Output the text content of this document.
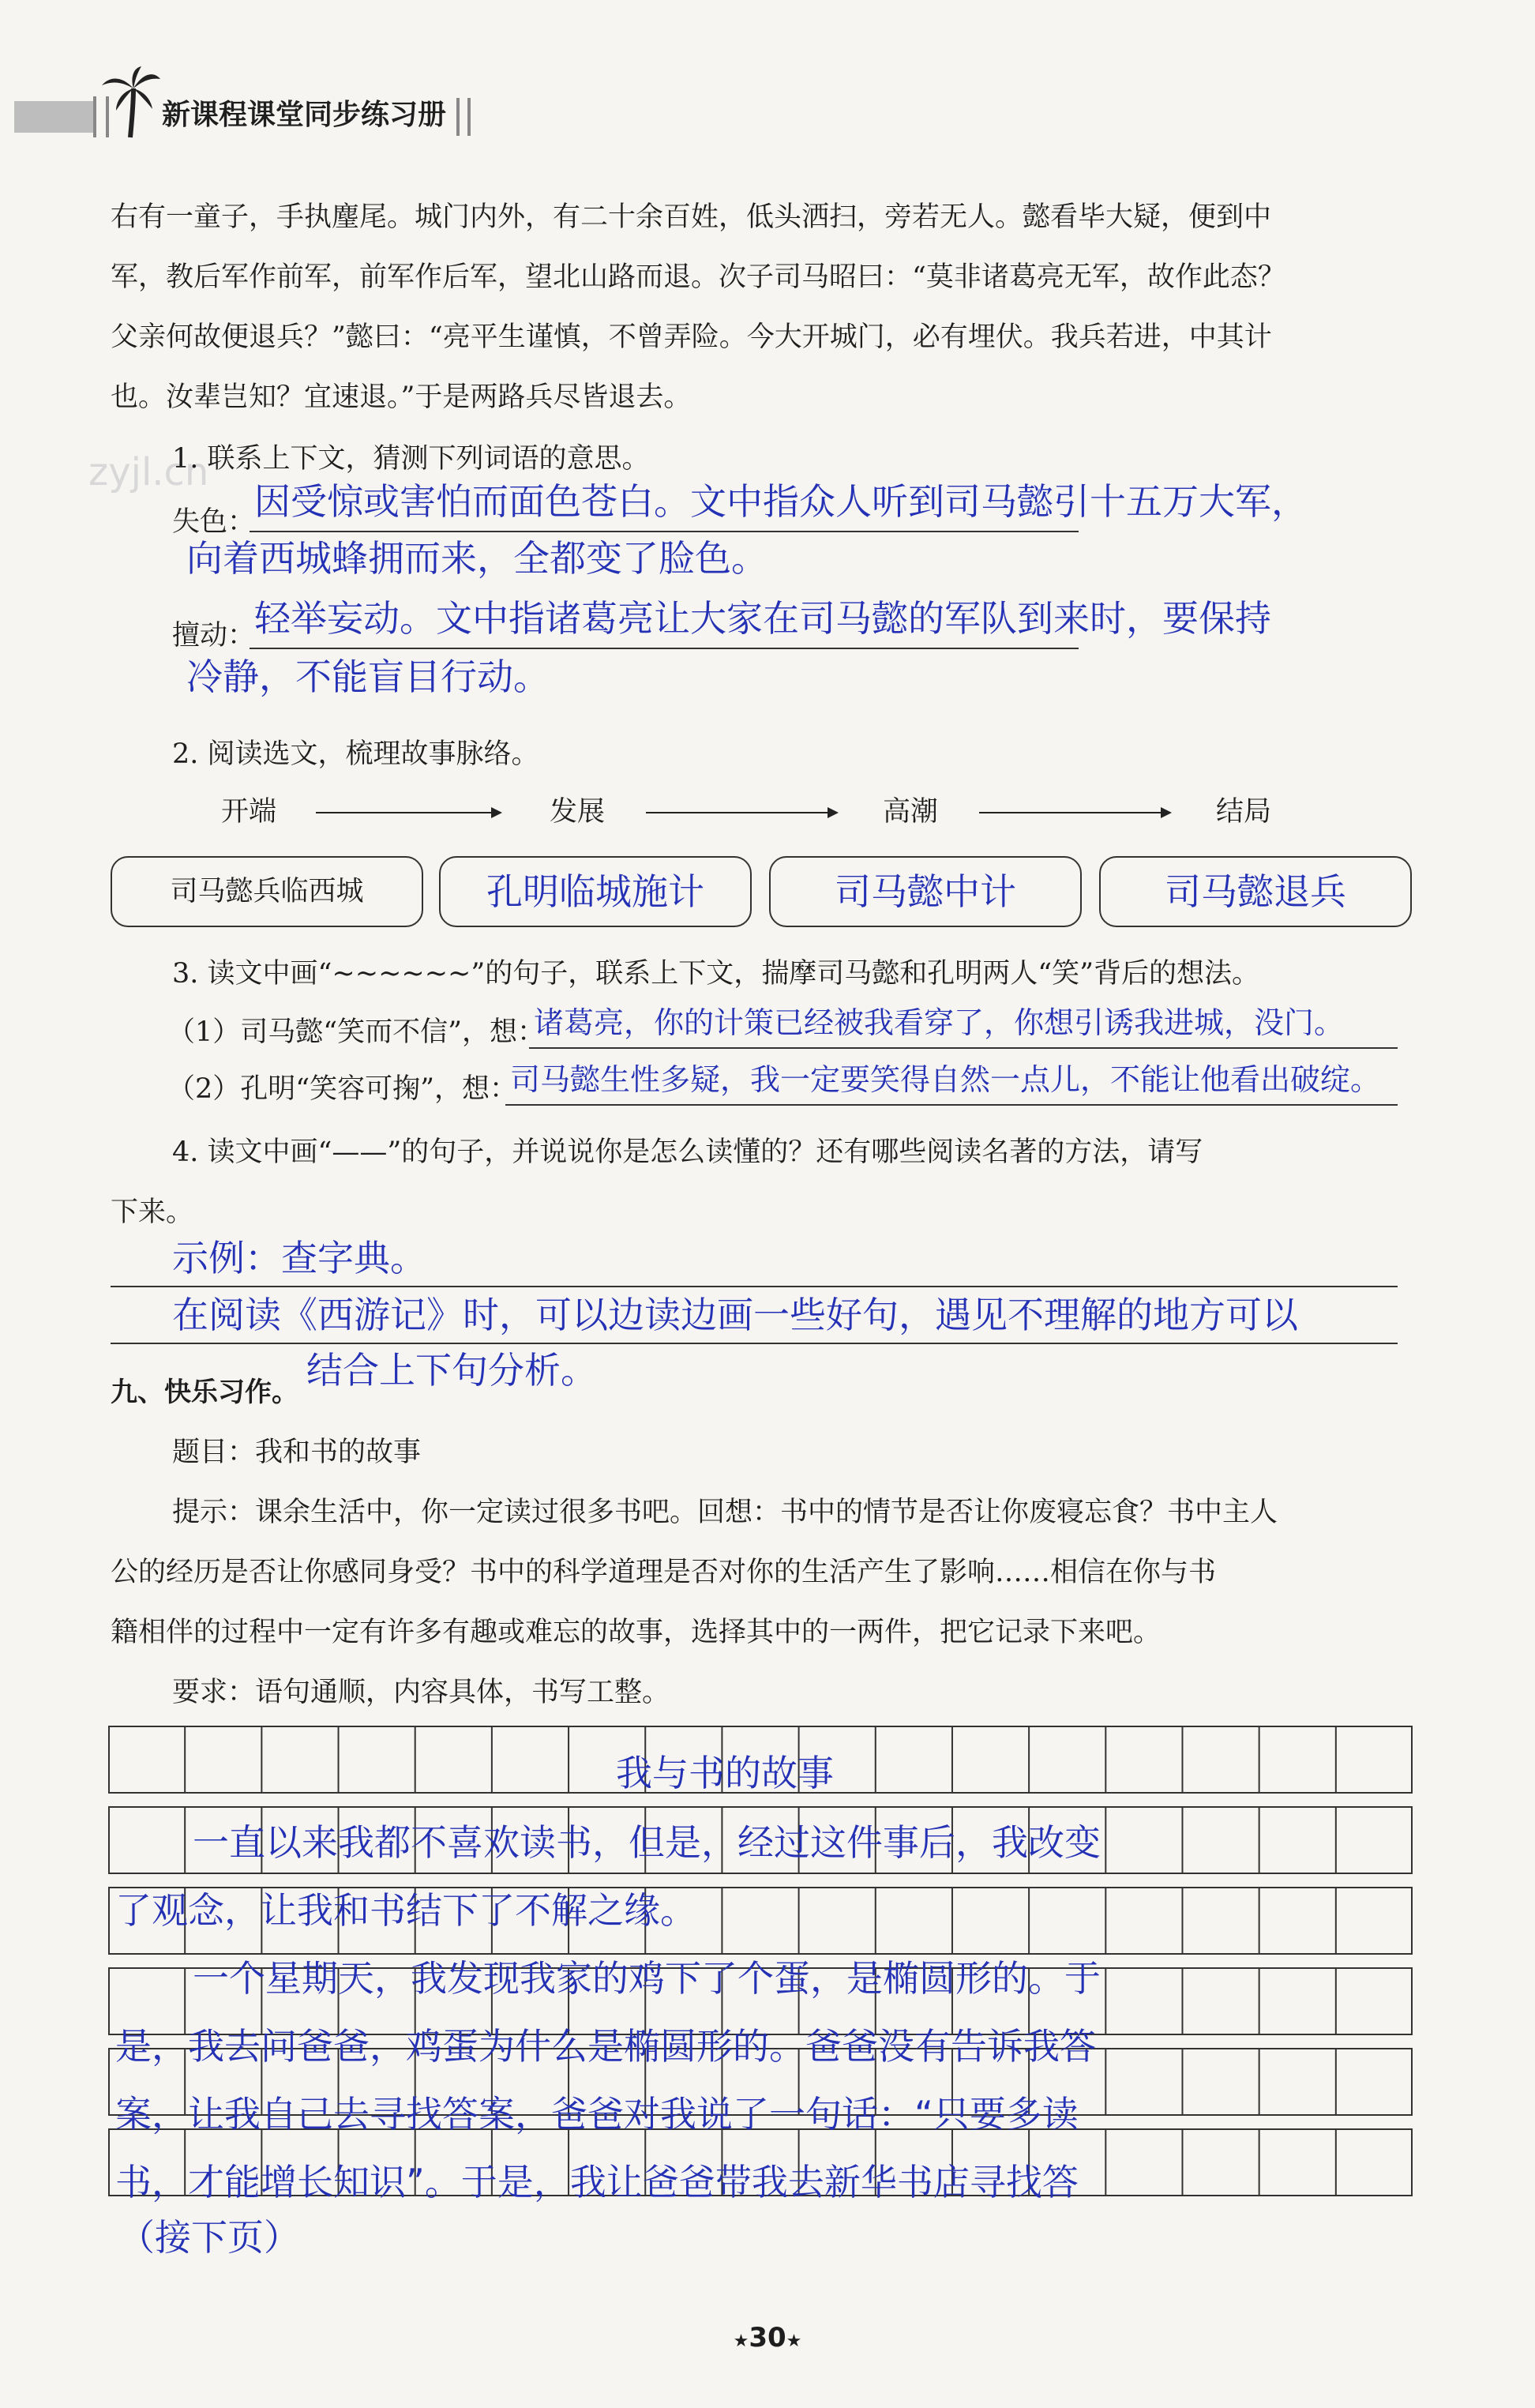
新课程课堂同步练习册
zyjl.cn
右有一童子，手执麈尾。城门内外，有二十余百姓，低头洒扫，旁若无人。懿看毕大疑，便到中
军，教后军作前军，前军作后军，望北山路而退。次子司马昭曰：“莫非诸葛亮无军，故作此态？
父亲何故便退兵？”懿曰：“亮平生谨慎，不曾弄险。今大开城门，必有埋伏。我兵若进，中其计
也。汝辈岂知？宜速退。”于是两路兵尽皆退去。
1. 联系上下文，猜测下列词语的意思。
失色：
因受惊或害怕而面色苍白。文中指众人听到司马懿引十五万大军，
向着西城蜂拥而来，全都变了脸色。
擅动：
轻举妄动。文中指诸葛亮让大家在司马懿的军队到来时，要保持
冷静，不能盲目行动。
2. 阅读选文，梳理故事脉络。
开端	发展	高潮	结局
司马懿兵临西城	孔明临城施计	司马懿中计	司马懿退兵
3. 读文中画“~~~~~~”的句子，联系上下文，揣摩司马懿和孔明两人“笑”背后的想法。
（1）司马懿“笑而不信”，想：
诸葛亮，你的计策已经被我看穿了，你想引诱我进城，没门。
（2）孔明“笑容可掬”，想：
司马懿生性多疑，我一定要笑得自然一点儿，不能让他看出破绽。
4. 读文中画“——”的句子，并说说你是怎么读懂的？还有哪些阅读名著的方法，请写
下来。
示例：查字典。
在阅读《西游记》时，可以边读边画一些好句，遇见不理解的地方可以
结合上下句分析。
九、快乐习作。
题目：我和书的故事
提示：课余生活中，你一定读过很多书吧。回想：书中的情节是否让你废寝忘食？书中主人
公的经历是否让你感同身受？书中的科学道理是否对你的生活产生了影响……相信在你与书
籍相伴的过程中一定有许多有趣或难忘的故事，选择其中的一两件，把它记录下来吧。
要求：语句通顺，内容具体，书写工整。
我与书的故事
一直以来我都不喜欢读书，但是，经过这件事后，我改变
了观念，让我和书结下了不解之缘。
一个星期天，我发现我家的鸡下了个蛋，是椭圆形的。于
是，我去问爸爸，鸡蛋为什么是椭圆形的。爸爸没有告诉我答
案，让我自己去寻找答案，爸爸对我说了一句话：“只要多读
书，才能增长知识”。于是，我让爸爸带我去新华书店寻找答
（接下页）
★30★
